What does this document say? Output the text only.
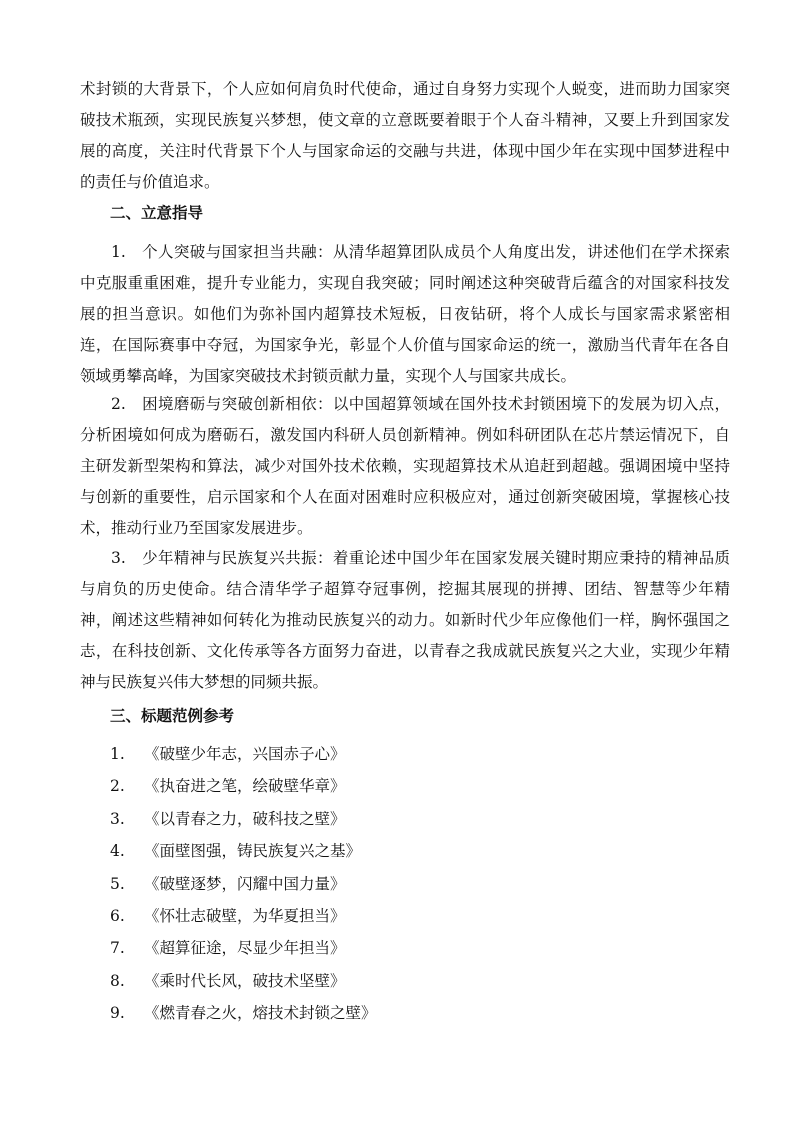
术封锁的大背景下，个人应如何肩负时代使命，通过自身努力实现个人蜕变，进而助力国家突破技术瓶颈，实现民族复兴梦想，使文章的立意既要着眼于个人奋斗精神，又要上升到国家发展的高度，关注时代背景下个人与国家命运的交融与共进，体现中国少年在实现中国梦进程中的责任与价值追求。

二、立意指导

1.　个人突破与国家担当共融：从清华超算团队成员个人角度出发，讲述他们在学术探索中克服重重困难，提升专业能力，实现自我突破；同时阐述这种突破背后蕴含的对国家科技发展的担当意识。如他们为弥补国内超算技术短板，日夜钻研，将个人成长与国家需求紧密相连，在国际赛事中夺冠，为国家争光，彰显个人价值与国家命运的统一，激励当代青年在各自领域勇攀高峰，为国家突破技术封锁贡献力量，实现个人与国家共成长。

2.　困境磨砺与突破创新相依：以中国超算领域在国外技术封锁困境下的发展为切入点，分析困境如何成为磨砺石，激发国内科研人员创新精神。例如科研团队在芯片禁运情况下，自主研发新型架构和算法，减少对国外技术依赖，实现超算技术从追赶到超越。强调困境中坚持与创新的重要性，启示国家和个人在面对困难时应积极应对，通过创新突破困境，掌握核心技术，推动行业乃至国家发展进步。

3.　少年精神与民族复兴共振：着重论述中国少年在国家发展关键时期应秉持的精神品质与肩负的历史使命。结合清华学子超算夺冠事例，挖掘其展现的拼搏、团结、智慧等少年精神，阐述这些精神如何转化为推动民族复兴的动力。如新时代少年应像他们一样，胸怀强国之志，在科技创新、文化传承等各方面努力奋进，以青春之我成就民族复兴之大业，实现少年精神与民族复兴伟大梦想的同频共振。

三、标题范例参考
1. 《破壁少年志，兴国赤子心》
2. 《执奋进之笔，绘破壁华章》
3. 《以青春之力，破科技之壁》
4. 《面壁图强，铸民族复兴之基》
5. 《破壁逐梦，闪耀中国力量》
6. 《怀壮志破壁，为华夏担当》
7. 《超算征途，尽显少年担当》
8. 《乘时代长风，破技术坚壁》
9. 《燃青春之火，熔技术封锁之壁》
